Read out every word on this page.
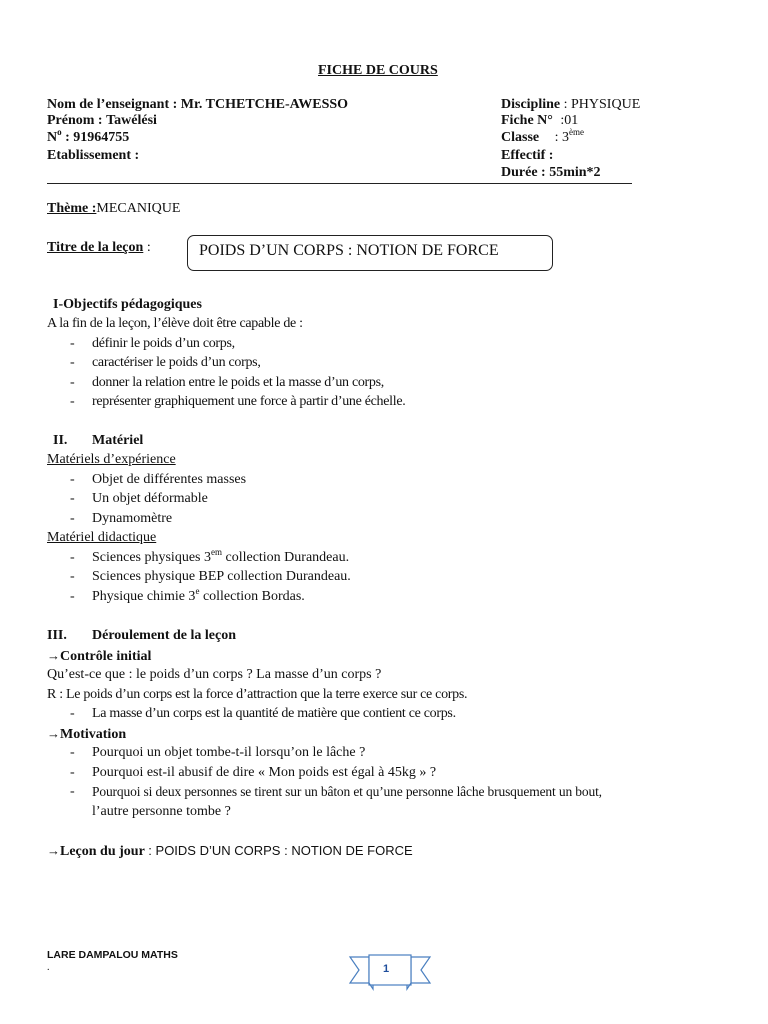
FICHE DE COURS
Nom de l’enseignant : Mr. TCHETCHE-AWESSO
Prénom : Tawélési
$N^o$ : 91964755
Etablissement :
Discipline : PHYSIQUE
Fiche N° :01
Classe : 3ème
Effectif :
Durée : 55min*2
Thème :MECANIQUE
Titre de la leçon :	POIDS D’UN CORPS : NOTION DE FORCE
I-Objectifs pédagogiques
A la fin de la leçon, l’élève doit être capable de :
- définir le poids d’un corps,
- caractériser le poids d’un corps,
- donner la relation entre le poids et la masse d’un corps,
- représenter graphiquement une force à partir d’une échelle.
II. Matériel
Matériels d’expérience
- Objet de différentes masses
- Un objet déformable
- Dynamomètre
Matériel didactique
- Sciences physiques $3^{em}$ collection Durandeau.
- Sciences physique BEP collection Durandeau.
- Physique chimie 3e collection Bordas.
III. Déroulement de la leçon
→Contrôle initial
Qu’est-ce que : le poids d’un corps ? La masse d’un corps ?
R : Le poids d’un corps est la force d’attraction que la terre exerce sur ce corps.
- La masse d’un corps est la quantité de matière que contient ce corps.
→Motivation
- Pourquoi un objet tombe-t-il lorsqu’on le lâche ?
- Pourquoi est-il abusif de dire « Mon poids est égal à 45kg » ?
- Pourquoi si deux personnes se tirent sur un bâton et qu’une personne lâche brusquement un bout,
l’autre personne tombe ?
→Leçon du jour : POIDS D’UN CORPS : NOTION DE FORCE
LARE DAMPALOU MATHS
.	1
